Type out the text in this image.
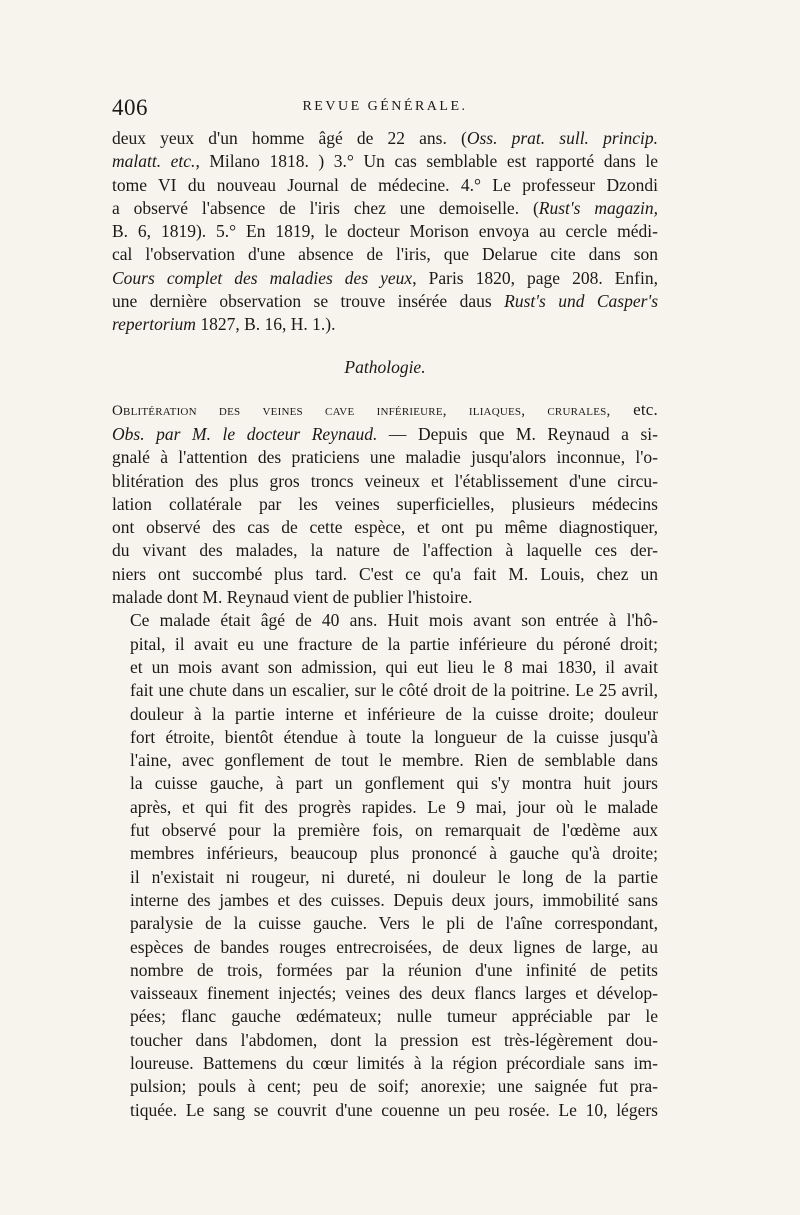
406	REVUE GÉNÉRALE.

deux yeux d'un homme âgé de 22 ans. (Oss. prat. sull. princip.
malatt. etc., Milano 1818. ) 3.° Un cas semblable est rapporté dans le
tome VI du nouveau Journal de médecine. 4.° Le professeur Dzondi
a observé l'absence de l'iris chez une demoiselle. (Rust's magazin,
B. 6, 1819). 5.° En 1819, le docteur Morison envoya au cercle médi-
cal l'observation d'une absence de l'iris, que Delarue cite dans son
Cours complet des maladies des yeux, Paris 1820, page 208. Enfin,
une dernière observation se trouve insérée daus Rust's und Casper's
repertorium 1827, B. 16, H. 1.).

Pathologie.

Oblitération des veines cave inférieure, iliaques, crurales, etc.
Obs. par M. le docteur Reynaud. — Depuis que M. Reynaud a si-
gnalé à l'attention des praticiens une maladie jusqu'alors inconnue, l'o-
blitération des plus gros troncs veineux et l'établissement d'une circu-
lation collatérale par les veines superficielles, plusieurs médecins
ont observé des cas de cette espèce, et ont pu même diagnostiquer,
du vivant des malades, la nature de l'affection à laquelle ces der-
niers ont succombé plus tard. C'est ce qu'a fait M. Louis, chez un
malade dont M. Reynaud vient de publier l'histoire.

Ce malade était âgé de 40 ans. Huit mois avant son entrée à l'hô-
pital, il avait eu une fracture de la partie inférieure du péroné droit;
et un mois avant son admission, qui eut lieu le 8 mai 1830, il avait
fait une chute dans un escalier, sur le côté droit de la poitrine. Le 25 avril,
douleur à la partie interne et inférieure de la cuisse droite; douleur
fort étroite, bientôt étendue à toute la longueur de la cuisse jusqu'à
l'aine, avec gonflement de tout le membre. Rien de semblable dans
la cuisse gauche, à part un gonflement qui s'y montra huit jours
après, et qui fit des progrès rapides. Le 9 mai, jour où le malade
fut observé pour la première fois, on remarquait de l'œdème aux
membres inférieurs, beaucoup plus prononcé à gauche qu'à droite;
il n'existait ni rougeur, ni dureté, ni douleur le long de la partie
interne des jambes et des cuisses. Depuis deux jours, immobilité sans
paralysie de la cuisse gauche. Vers le pli de l'aîne correspondant,
espèces de bandes rouges entrecroisées, de deux lignes de large, au
nombre de trois, formées par la réunion d'une infinité de petits
vaisseaux finement injectés; veines des deux flancs larges et dévelop-
pées; flanc gauche œdémateux; nulle tumeur appréciable par le
toucher dans l'abdomen, dont la pression est très-légèrement dou-
loureuse. Battemens du cœur limités à la région précordiale sans im-
pulsion; pouls à cent; peu de soif; anorexie; une saignée fut pra-
tiquée. Le sang se couvrit d'une couenne un peu rosée. Le 10, légers
